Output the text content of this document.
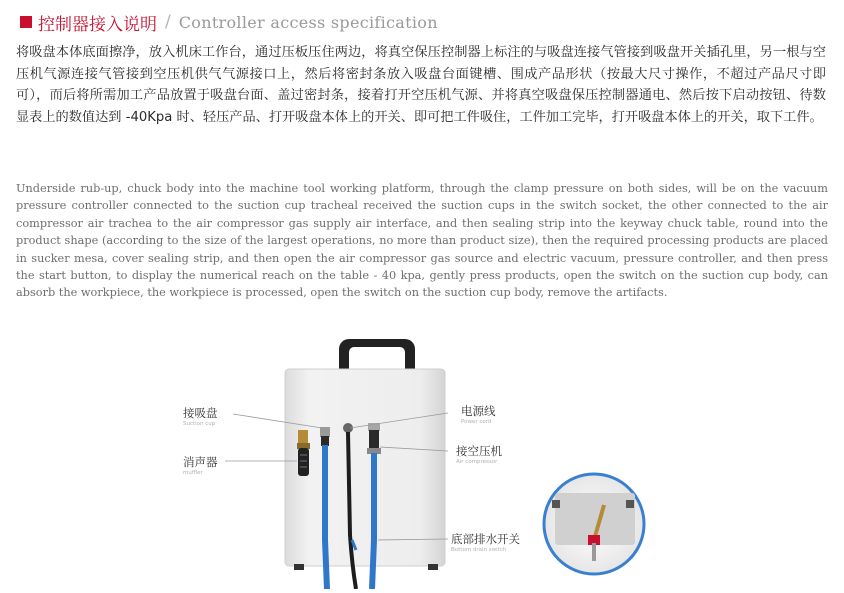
控制器接入说明 / Controller access specification

将吸盘本体底面擦净，放入机床工作台，通过压板压住两边，将真空保压控制器上标注的与吸盘连接气管接到吸盘开关插孔里，另一根与空压机气源连接气管接到空压机供气气源接口上，然后将密封条放入吸盘台面键槽、围成产品形状（按最大尺寸操作，不超过产品尺寸即可），而后将所需加工产品放置于吸盘台面、盖过密封条，接着打开空压机气源、并将真空吸盘保压控制器通电、然后按下启动按钮、待数显表上的数值达到 -40Kpa 时、轻压产品、打开吸盘本体上的开关、即可把工件吸住，工件加工完毕，打开吸盘本体上的开关，取下工件。

Underside rub-up, chuck body into the machine tool working platform, through the clamp pressure on both sides, will be on the vacuum pressure controller connected to the suction cup tracheal received the suction cups in the switch socket, the other connected to the air compressor air trachea to the air compressor gas supply air interface, and then sealing strip into the keyway chuck table, round into the product shape (according to the size of the largest operations, no more than product size), then the required processing products are placed in sucker mesa, cover sealing strip, and then open the air compressor gas source and electric vacuum, pressure controller, and then press the start button, to display the numerical reach on the table - 40 kpa, gently press products, open the switch on the suction cup body, can absorb the workpiece, the workpiece is processed, open the switch on the suction cup body, remove the artifacts.

接吸盘
Suction cup
消声器
muffler
电源线
Power cord
接空压机
Air compressor
底部排水开关
Bottom drain switch
